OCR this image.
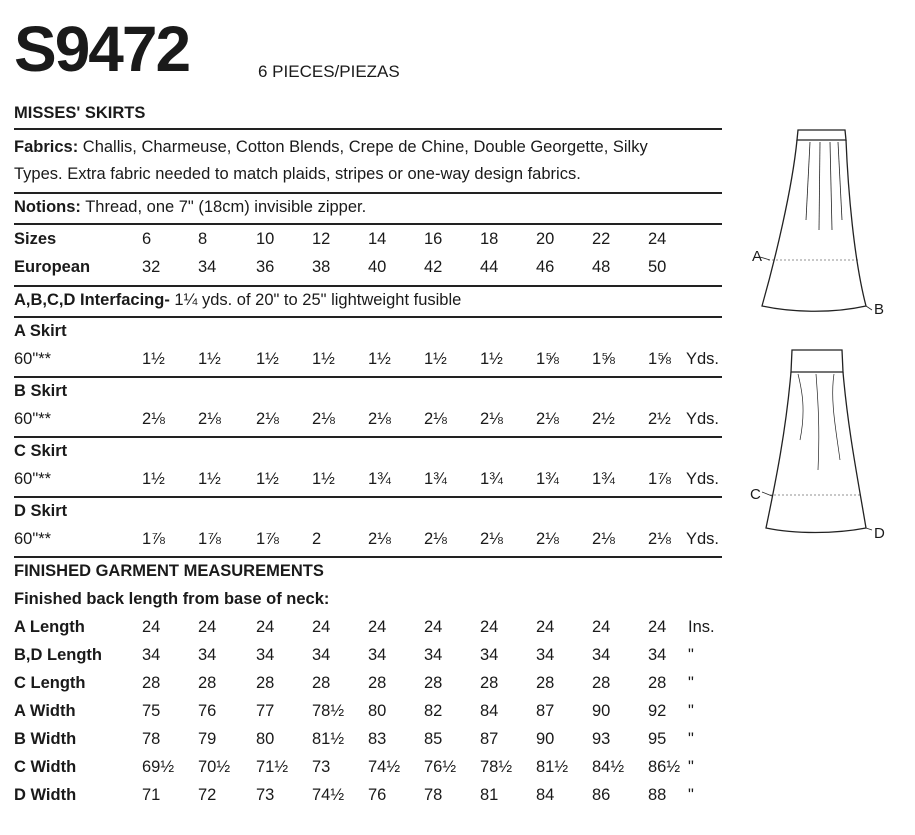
S9472	6 PIECES/PIEZAS
MISSES' SKIRTS
Fabrics: Challis, Charmeuse, Cotton Blends, Crepe de Chine, Double Georgette, Silky
Types. Extra fabric needed to match plaids, stripes or one-way design fabrics.
Notions: Thread, one 7" (18cm) invisible zipper.
Sizes	6	8	10	12	14	16	18	20	22	24
European	32	34	36	38	40	42	44	46	48	50
A,B,C,D Interfacing- 1¼ yds. of 20" to 25" lightweight fusible
A Skirt
60"**	1½	1½	1½	1½	1½	1½	1½	1⅝	1⅝	1⅝ Yds.
B Skirt
60"**	2⅛	2⅛	2⅛	2⅛	2⅛	2⅛	2⅛	2⅛	2½	2½ Yds.
C Skirt
60"**	1½	1½	1½	1½	1¾	1¾	1¾	1¾	1¾	1⅞ Yds.
D Skirt
60"**	1⅞	1⅞	1⅞	2	2⅛	2⅛	2⅛	2⅛	2⅛	2⅛ Yds.
FINISHED GARMENT MEASUREMENTS
Finished back length from base of neck:
A Length	24	24	24	24	24	24	24	24	24	24	Ins.
B,D Length 34	34	34	34	34	34	34	34	34	34	"
C Length	28	28	28	28	28	28	28	28	28	28	"
A Width	75	76	77	78½	80	82	84	87	90	92	"
B Width	78	79	80	81½	83	85	87	90	93	95	"
C Width	69½	70½	71½	73	74½	76½	78½	81½	84½	86½ "
D Width	71	72	73	74½	76	78	81	84	86	88	"
A
B
C
D
